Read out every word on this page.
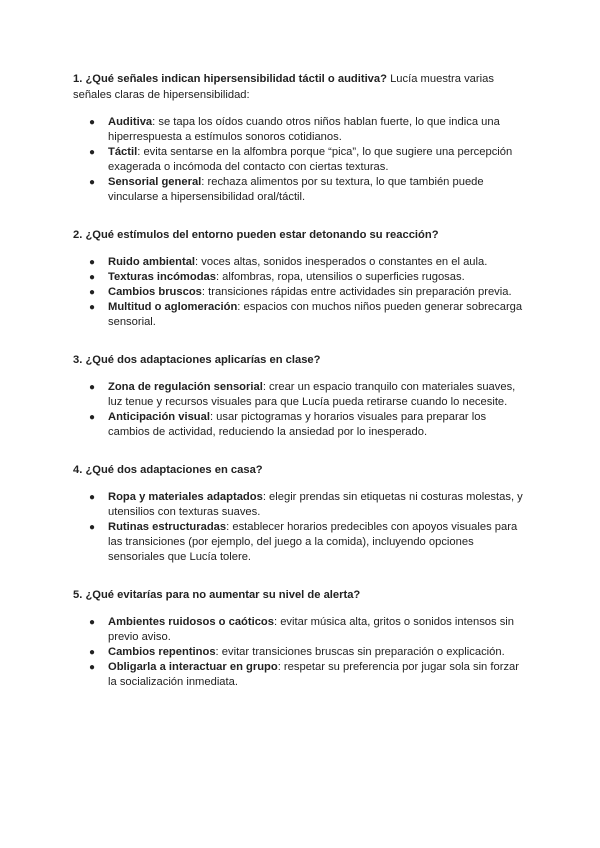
1. ¿Qué señales indican hipersensibilidad táctil o auditiva? Lucía muestra varias señales claras de hipersensibilidad:

● Auditiva: se tapa los oídos cuando otros niños hablan fuerte, lo que indica una hiperrespuesta a estímulos sonoros cotidianos.
● Táctil: evita sentarse en la alfombra porque “pica”, lo que sugiere una percepción exagerada o incómoda del contacto con ciertas texturas.
● Sensorial general: rechaza alimentos por su textura, lo que también puede vincularse a hipersensibilidad oral/táctil.

2. ¿Qué estímulos del entorno pueden estar detonando su reacción?

● Ruido ambiental: voces altas, sonidos inesperados o constantes en el aula.
● Texturas incómodas: alfombras, ropa, utensilios o superficies rugosas.
● Cambios bruscos: transiciones rápidas entre actividades sin preparación previa.
● Multitud o aglomeración: espacios con muchos niños pueden generar sobrecarga sensorial.

3. ¿Qué dos adaptaciones aplicarías en clase?

● Zona de regulación sensorial: crear un espacio tranquilo con materiales suaves, luz tenue y recursos visuales para que Lucía pueda retirarse cuando lo necesite.
● Anticipación visual: usar pictogramas y horarios visuales para preparar los cambios de actividad, reduciendo la ansiedad por lo inesperado.

4. ¿Qué dos adaptaciones en casa?

● Ropa y materiales adaptados: elegir prendas sin etiquetas ni costuras molestas, y utensilios con texturas suaves.
● Rutinas estructuradas: establecer horarios predecibles con apoyos visuales para las transiciones (por ejemplo, del juego a la comida), incluyendo opciones sensoriales que Lucía tolere.

5. ¿Qué evitarías para no aumentar su nivel de alerta?

● Ambientes ruidosos o caóticos: evitar música alta, gritos o sonidos intensos sin previo aviso.
● Cambios repentinos: evitar transiciones bruscas sin preparación o explicación.
● Obligarla a interactuar en grupo: respetar su preferencia por jugar sola sin forzar la socialización inmediata.
